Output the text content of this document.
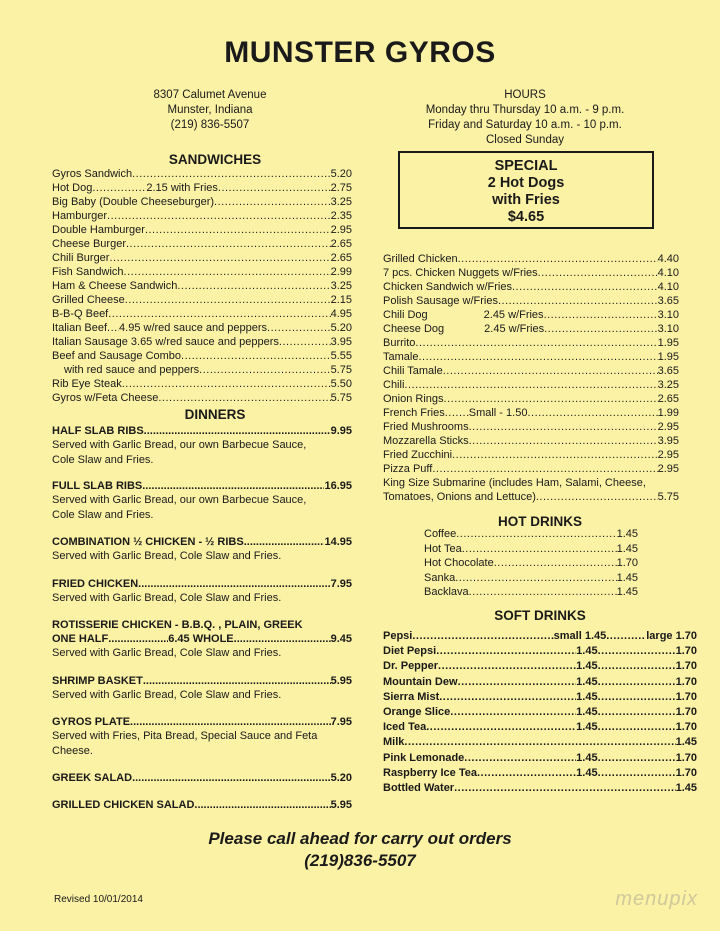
MUNSTER GYROS
8307 Calumet Avenue
Munster, Indiana
(219) 836-5507
HOURS
Monday thru Thursday 10 a.m. - 9 p.m.
Friday and Saturday 10 a.m. - 10 p.m.
Closed Sunday
SPECIAL
2 Hot Dogs
with Fries
$4.65
SANDWICHES
Gyros Sandwich .....	5.20
Hot Dog .....	2.15 with Fries .....	2.75
Big Baby (Double Cheeseburger) .....	3.25
Hamburger .....	2.35
Double Hamburger .....	2.95
Cheese Burger .....	2.65
Chili Burger .....	2.65
Fish Sandwich .....	2.99
Ham & Cheese Sandwich .....	3.25
Grilled Cheese .....	2.15
B-B-Q Beef .....	4.95
Italian Beef ..... 4.95 w/red sauce and peppers .....	5.20
Italian Sausage 3.65 w/red sauce and peppers .....	3.95
Beef and Sausage Combo .....	5.55
with red sauce and peppers .....	5.75
Rib Eye Steak .....	5.50
Gyros w/Feta Cheese .....	5.75
DINNERS
HALF SLAB RIBS .....	9.95
Served with Garlic Bread, our own Barbecue Sauce,
Cole Slaw and Fries.
FULL SLAB RIBS .....	16.95
Served with Garlic Bread, our own Barbecue Sauce,
Cole Slaw and Fries.
COMBINATION ½ CHICKEN - ½ RIBS .....	14.95
Served with Garlic Bread, Cole Slaw and Fries.
FRIED CHICKEN .....	7.95
Served with Garlic Bread, Cole Slaw and Fries.
ROTISSERIE CHICKEN - B.B.Q. , PLAIN, GREEK
ONE HALF .....	6.45 WHOLE .....	9.45
Served with Garlic Bread, Cole Slaw and Fries.
SHRIMP BASKET .....	5.95
Served with Garlic Bread, Cole Slaw and Fries.
GYROS PLATE .....	7.95
Served with Fries, Pita Bread, Special Sauce and Feta
Cheese.
GREEK SALAD .....	5.20
GRILLED CHICKEN SALAD .....	5.95
Grilled Chicken .....	4.40
7 pcs. Chicken Nuggets w/Fries .....	4.10
Chicken Sandwich w/Fries .....	4.10
Polish Sausage w/Fries .....	3.65
Chili Dog	2.45 w/Fries .....	3.10
Cheese Dog	2.45 w/Fries .....	3.10
Burrito .....	1.95
Tamale .....	1.95
Chili Tamale .....	3.65
Chili .....	3.25
Onion Rings .....	2.65
French Fries ..... Small - 1.50 .....	1.99
Fried Mushrooms .....	2.95
Mozzarella Sticks .....	3.95
Fried Zucchini .....	2.95
Pizza Puff .....	2.95
King Size Submarine (includes Ham, Salami, Cheese,
Tomatoes, Onions and Lettuce) .....	5.75
HOT DRINKS
Coffee .....	1.45
Hot Tea .....	1.45
Hot Chocolate .....	1.70
Sanka .....	1.45
Backlava .....	1.45
SOFT DRINKS
Pepsi .....	small 1.45 .....	large 1.70
Diet Pepsi .....	1.45 .....	1.70
Dr. Pepper .....	1.45 .....	1.70
Mountain Dew .....	1.45 .....	1.70
Sierra Mist .....	1.45 .....	1.70
Orange Slice .....	1.45 .....	1.70
Iced Tea .....	1.45 .....	1.70
Milk .....	1.45
Pink Lemonade .....	1.45 .....	1.70
Raspberry Ice Tea .....	1.45 .....	1.70
Bottled Water .....	1.45
Please call ahead for carry out orders
(219)836-5507
Revised 10/01/2014	menupix
